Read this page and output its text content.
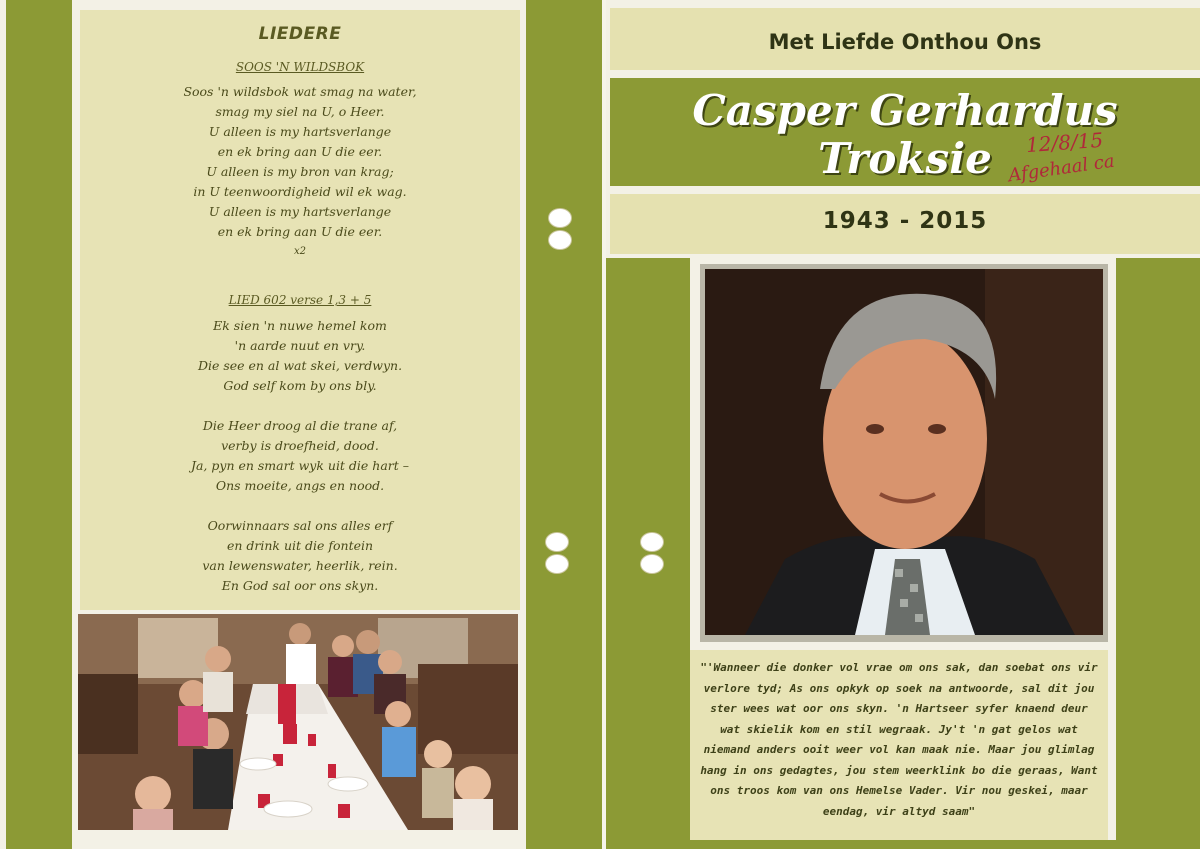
LIEDERE
SOOS 'N WILDSBOK
Soos 'n wildsbok wat smag na water,
smag my siel na U, o Heer.
U alleen is my hartsverlange
en ek bring aan U die eer.
U alleen is my bron van krag;
in U teenwoordigheid wil ek wag.
U alleen is my hartsverlange
en ek bring aan U die eer.
x2
LIED 602 verse 1,3 + 5
Ek sien 'n nuwe hemel kom
'n aarde nuut en vry.
Die see en al wat skei, verdwyn.
God self kom by ons bly.
Die Heer droog al die trane af,
verby is droefheid, dood.
Ja, pyn en smart wyk uit die hart –
Ons moeite, angs en nood.
Oorwinnaars sal ons alles erf
en drink uit die fontein
van lewenswater, heerlik, rein.
En God sal oor ons skyn.
Met Liefde Onthou Ons
Casper Gerhardus
Troksie	12/8/15
Afgehaal ca
1943 - 2015
"'Wanneer die donker vol vrae om ons sak, dan soebat ons vir verlore tyd; As ons opkyk op soek na antwoorde, sal dit jou ster wees wat oor ons skyn. 'n Hartseer syfer knaend deur wat skielik kom en stil wegraak. Jy't 'n gat gelos wat niemand anders ooit weer vol kan maak nie. Maar jou glimlag hang in ons gedagtes, jou stem weerklink bo die geraas, Want ons troos kom van ons Hemelse Vader. Vir nou geskei, maar eendag, vir altyd saam"
